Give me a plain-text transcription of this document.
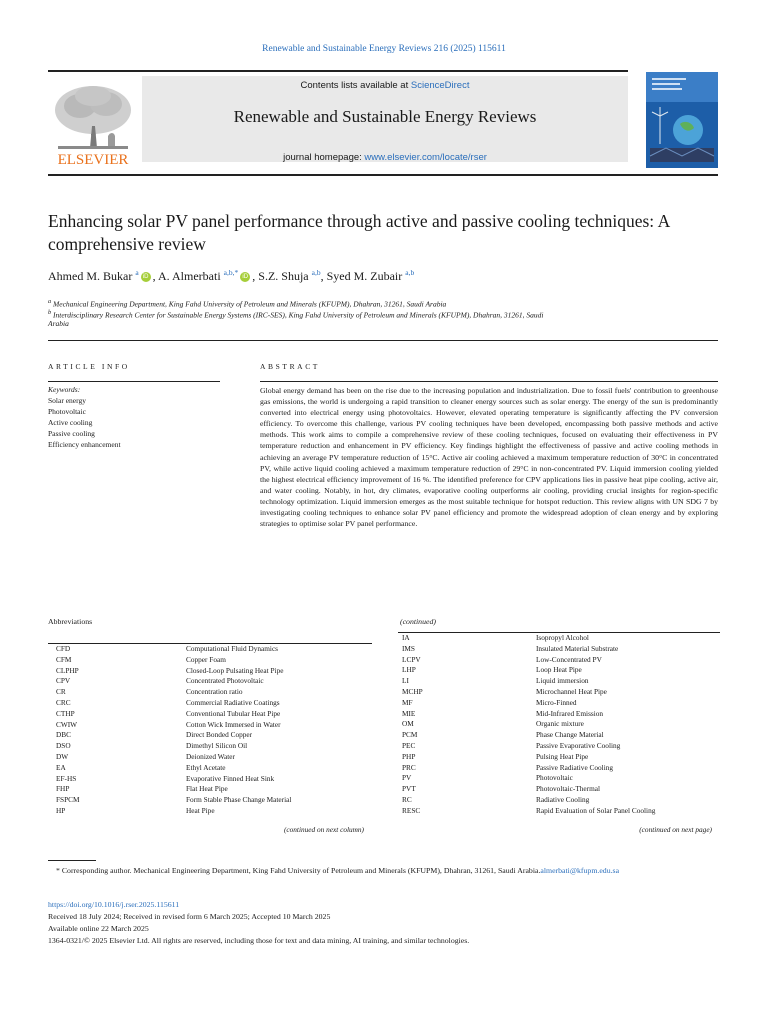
Renewable and Sustainable Energy Reviews 216 (2025) 115611
ELSEVIER
Contents lists available at ScienceDirect
Renewable and Sustainable Energy Reviews
journal homepage: www.elsevier.com/locate/rser
Enhancing solar PV panel performance through active and passive cooling techniques: A comprehensive review
Ahmed M. Bukar $^a$iD , A. Almerbati $^{a,b,*}$iD , S.Z. Shuja $^{a,b}$, Syed M. Zubair $^{a,b}$
$^a$ Mechanical Engineering Department, King Fahd University of Petroleum and Minerals (KFUPM), Dhahran, 31261, Saudi Arabia
$^b$ Interdisciplinary Research Center for Sustainable Energy Systems (IRC-SES), King Fahd University of Petroleum and Minerals (KFUPM), Dhahran, 31261, Saudi
Arabia
ARTICLE INFO
Keywords:
Solar energy
Photovoltaic
Active cooling
Passive cooling
Efficiency enhancement
ABSTRACT
Global energy demand has been on the rise due to the increasing population and industrialization. Due to fossil fuels' contribution to greenhouse gas emissions, the world is undergoing a rapid transition to cleaner energy sources such as solar energy. The energy of the sun is predominantly converted into electrical energy using photovoltaics. However, elevated operating temperature is significantly affecting the PV conversion efficiency. To overcome this challenge, various PV cooling techniques have been developed, encompassing both passive methods and active methods. This work aims to compile a comprehensive review of these cooling techniques, focused on evaluating their effectiveness in PV temperature reduction and enhancement in PV efficiency. Key findings highlight the effectiveness of passive and active cooling methods in achieving an average PV temperature reduction of 15°C. Active air cooling achieved a maximum temperature reduction of 30°C in concentrated PV, while active liquid cooling achieved a maximum temperature reduction of 29°C in non-concentrated PV. Liquid immersion cooling yielded the highest electrical efficiency improvement of 16 %. The identified preference for CPV applications lies in passive heat pipe cooling, active air, and water cooling. Notably, in hot, dry climates, evaporative cooling outperforms air cooling, providing crucial insights for region-specific technology optimization. Liquid immersion emerges as the most suitable technique for hotspot reduction. This review aligns with UN SDG 7 by investigating cooling techniques to enhance solar PV panel efficiency and promote the widespread adoption of clean energy and by exploring strategies to optimise solar PV panel performance.
Abbreviations
CFD	Computational Fluid Dynamics
CFM	Copper Foam
CLPHP	Closed-Loop Pulsating Heat Pipe
CPV	Concentrated Photovoltaic
CR	Concentration ratio
CRC	Commercial Radiative Coatings
CTHP	Conventional Tubular Heat Pipe
CWIW	Cotton Wick Immersed in Water
DBC	Direct Bonded Copper
DSO	Dimethyl Silicon Oil
DW	Deionized Water
EA	Ethyl Acetate
EF-HS	Evaporative Finned Heat Sink
FHP	Flat Heat Pipe
FSPCM	Form Stable Phase Change Material
HP	Heat Pipe
(continued)
IA	Isopropyl Alcohol
IMS	Insulated Material Substrate
LCPV	Low-Concentrated PV
LHP	Loop Heat Pipe
LI	Liquid immersion
MCHP	Microchannel Heat Pipe
MF	Micro-Finned
MIE	Mid-Infrared Emission
OM	Organic mixture
PCM	Phase Change Material
PEC	Passive Evaporative Cooling
PHP	Pulsing Heat Pipe
PRC	Passive Radiative Cooling
PV	Photovoltaic
PVT	Photovoltaic-Thermal
RC	Radiative Cooling
RESC	Rapid Evaluation of Solar Panel Cooling
(continued on next column)	(continued on next page)
* Corresponding author. Mechanical Engineering Department, King Fahd University of Petroleum and Minerals (KFUPM), Dhahran, 31261, Saudi Arabia.almerbati@kfupm.edu.sa
https://doi.org/10.1016/j.rser.2025.115611
Received 18 July 2024; Received in revised form 6 March 2025; Accepted 10 March 2025
Available online 22 March 2025
1364-0321/© 2025 Elsevier Ltd. All rights are reserved, including those for text and data mining, AI training, and similar technologies.
